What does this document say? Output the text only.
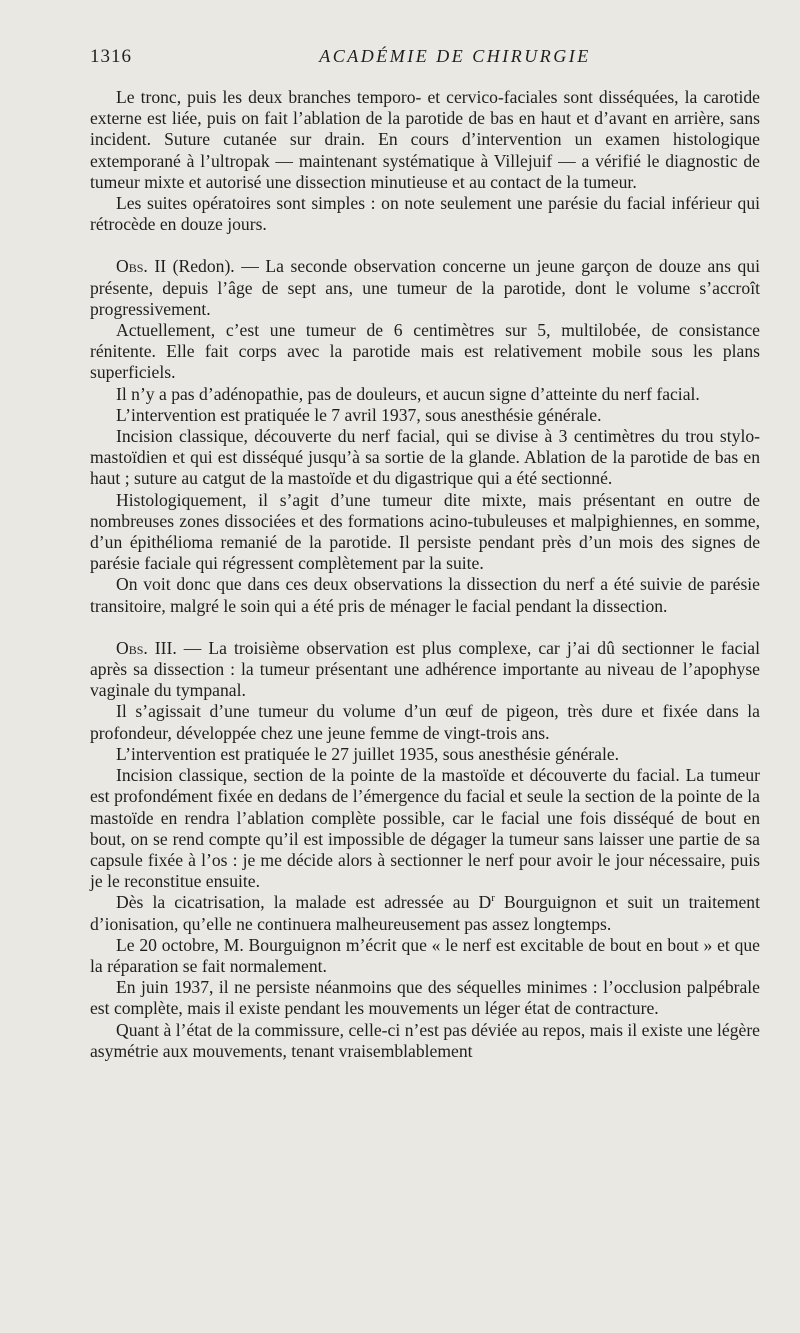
1316	ACADÉMIE DE CHIRURGIE

Le tronc, puis les deux branches temporo- et cervico-faciales sont disséquées, la carotide externe est liée, puis on fait l’ablation de la parotide de bas en haut et d’avant en arrière, sans incident. Suture cutanée sur drain. En cours d’intervention un examen histologique extemporané à l’ultropak — maintenant systématique à Villejuif — a vérifié le diagnostic de tumeur mixte et autorisé une dissection minutieuse et au contact de la tumeur.

Les suites opératoires sont simples : on note seulement une parésie du facial inférieur qui rétrocède en douze jours.

Obs. II (Redon). — La seconde observation concerne un jeune garçon de douze ans qui présente, depuis l’âge de sept ans, une tumeur de la parotide, dont le volume s’accroît progressivement.

Actuellement, c’est une tumeur de 6 centimètres sur 5, multilobée, de consistance rénitente. Elle fait corps avec la parotide mais est relativement mobile sous les plans superficiels.

Il n’y a pas d’adénopathie, pas de douleurs, et aucun signe d’atteinte du nerf facial.

L’intervention est pratiquée le 7 avril 1937, sous anesthésie générale.

Incision classique, découverte du nerf facial, qui se divise à 3 centimètres du trou stylo-mastoïdien et qui est disséqué jusqu’à sa sortie de la glande. Ablation de la parotide de bas en haut ; suture au catgut de la mastoïde et du digastrique qui a été sectionné.

Histologiquement, il s’agit d’une tumeur dite mixte, mais présentant en outre de nombreuses zones dissociées et des formations acino-tubuleuses et malpighiennes, en somme, d’un épithélioma remanié de la parotide. Il persiste pendant près d’un mois des signes de parésie faciale qui régressent complètement par la suite.

On voit donc que dans ces deux observations la dissection du nerf a été suivie de parésie transitoire, malgré le soin qui a été pris de ménager le facial pendant la dissection.

Obs. III. — La troisième observation est plus complexe, car j’ai dû sectionner le facial après sa dissection : la tumeur présentant une adhérence importante au niveau de l’apophyse vaginale du tympanal.

Il s’agissait d’une tumeur du volume d’un œuf de pigeon, très dure et fixée dans la profondeur, développée chez une jeune femme de vingt-trois ans.

L’intervention est pratiquée le 27 juillet 1935, sous anesthésie générale.

Incision classique, section de la pointe de la mastoïde et découverte du facial. La tumeur est profondément fixée en dedans de l’émergence du facial et seule la section de la pointe de la mastoïde en rendra l’ablation complète possible, car le facial une fois disséqué de bout en bout, on se rend compte qu’il est impossible de dégager la tumeur sans laisser une partie de sa capsule fixée à l’os : je me décide alors à sectionner le nerf pour avoir le jour nécessaire, puis je le reconstitue ensuite.

Dès la cicatrisation, la malade est adressée au $D^r$ Bourguignon et suit un traitement d’ionisation, qu’elle ne continuera malheureusement pas assez longtemps.

Le 20 octobre, M. Bourguignon m’écrit que « le nerf est excitable de bout en bout » et que la réparation se fait normalement.

En juin 1937, il ne persiste néanmoins que des séquelles minimes : l’occlusion palpébrale est complète, mais il existe pendant les mouvements un léger état de contracture.

Quant à l’état de la commissure, celle-ci n’est pas déviée au repos, mais il existe une légère asymétrie aux mouvements, tenant vraisemblablement
